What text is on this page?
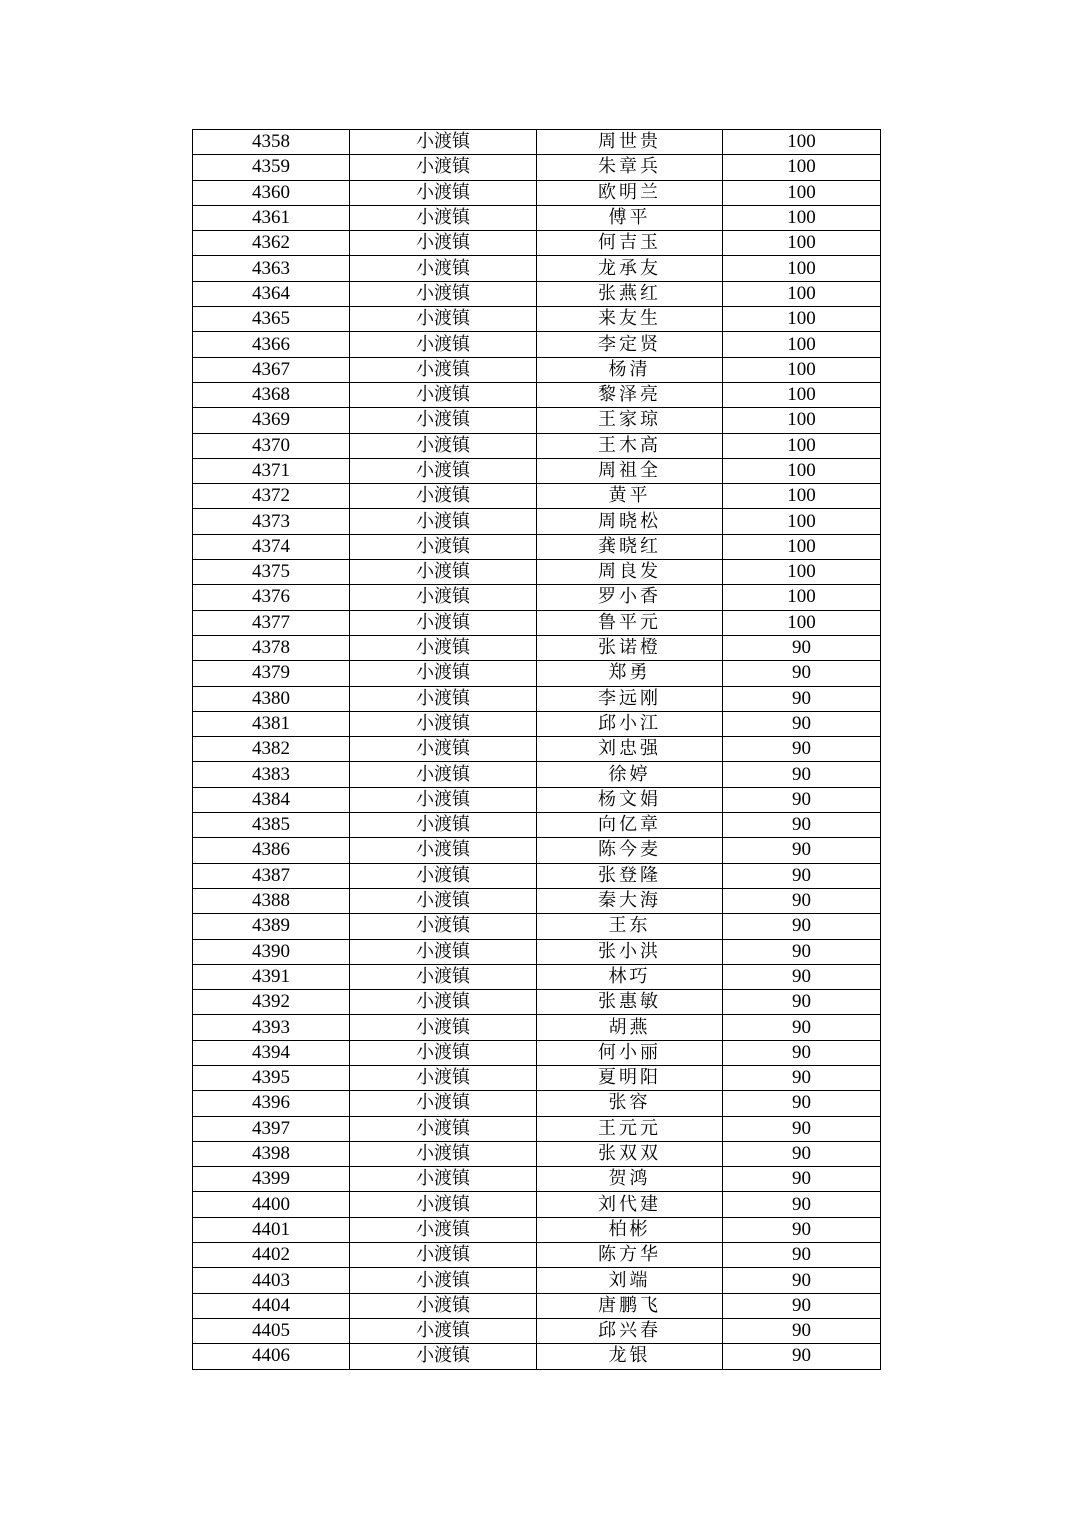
4358	小渡镇	周世贵	100
4359	小渡镇	朱章兵	100
4360	小渡镇	欧明兰	100
4361	小渡镇	傅平	100
4362	小渡镇	何吉玉	100
4363	小渡镇	龙承友	100
4364	小渡镇	张燕红	100
4365	小渡镇	来友生	100
4366	小渡镇	李定贤	100
4367	小渡镇	杨清	100
4368	小渡镇	黎泽亮	100
4369	小渡镇	王家琼	100
4370	小渡镇	王木高	100
4371	小渡镇	周祖全	100
4372	小渡镇	黄平	100
4373	小渡镇	周晓松	100
4374	小渡镇	龚晓红	100
4375	小渡镇	周良发	100
4376	小渡镇	罗小香	100
4377	小渡镇	鲁平元	100
4378	小渡镇	张诺橙	90
4379	小渡镇	郑勇	90
4380	小渡镇	李远刚	90
4381	小渡镇	邱小江	90
4382	小渡镇	刘忠强	90
4383	小渡镇	徐婷	90
4384	小渡镇	杨文娟	90
4385	小渡镇	向亿章	90
4386	小渡镇	陈今麦	90
4387	小渡镇	张登隆	90
4388	小渡镇	秦大海	90
4389	小渡镇	王东	90
4390	小渡镇	张小洪	90
4391	小渡镇	林巧	90
4392	小渡镇	张惠敏	90
4393	小渡镇	胡燕	90
4394	小渡镇	何小丽	90
4395	小渡镇	夏明阳	90
4396	小渡镇	张容	90
4397	小渡镇	王元元	90
4398	小渡镇	张双双	90
4399	小渡镇	贺鸿	90
4400	小渡镇	刘代建	90
4401	小渡镇	柏彬	90
4402	小渡镇	陈方华	90
4403	小渡镇	刘端	90
4404	小渡镇	唐鹏飞	90
4405	小渡镇	邱兴春	90
4406	小渡镇	龙银	90
